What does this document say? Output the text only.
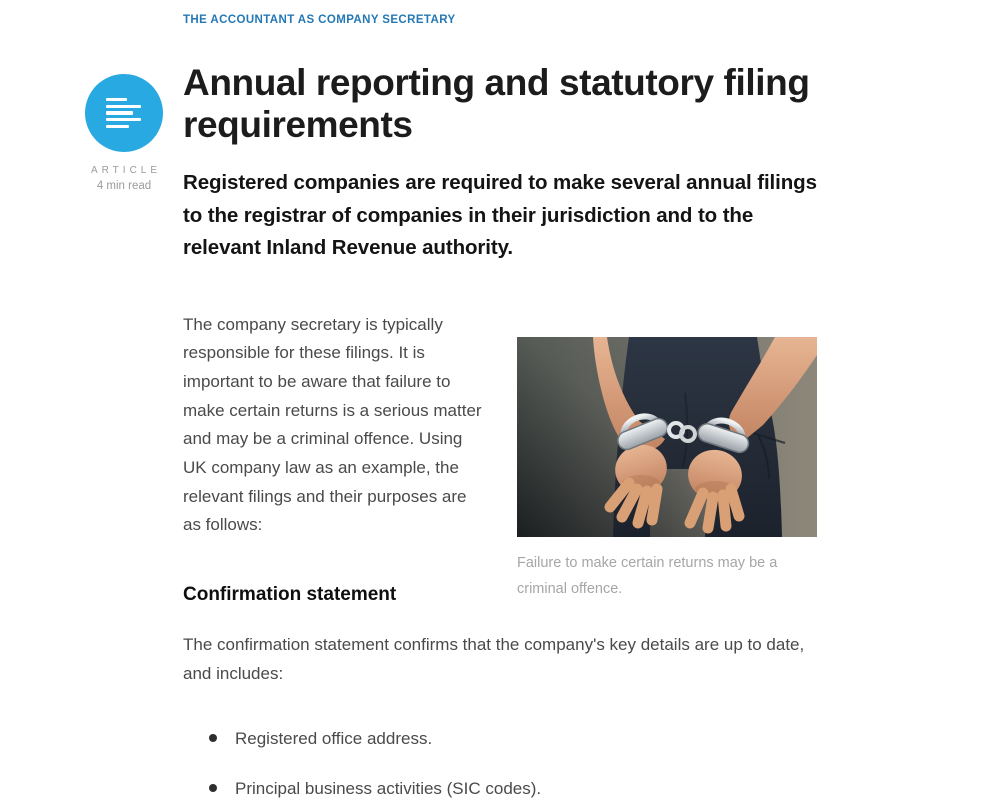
THE ACCOUNTANT AS COMPANY SECRETARY
ARTICLE
4 min read
Annual reporting and statutory filing requirements

Registered companies are required to make several annual filings to the registrar of companies in their jurisdiction and to the relevant Inland Revenue authority.

The company secretary is typically responsible for these filings. It is important to be aware that failure to make certain returns is a serious matter and may be a criminal offence. Using UK company law as an example, the relevant filings and their purposes are as follows:

Confirmation statement
Failure to make certain returns may be a criminal offence.

The confirmation statement confirms that the company's key details are up to date, and includes:

Registered office address.
Principal business activities (SIC codes).
